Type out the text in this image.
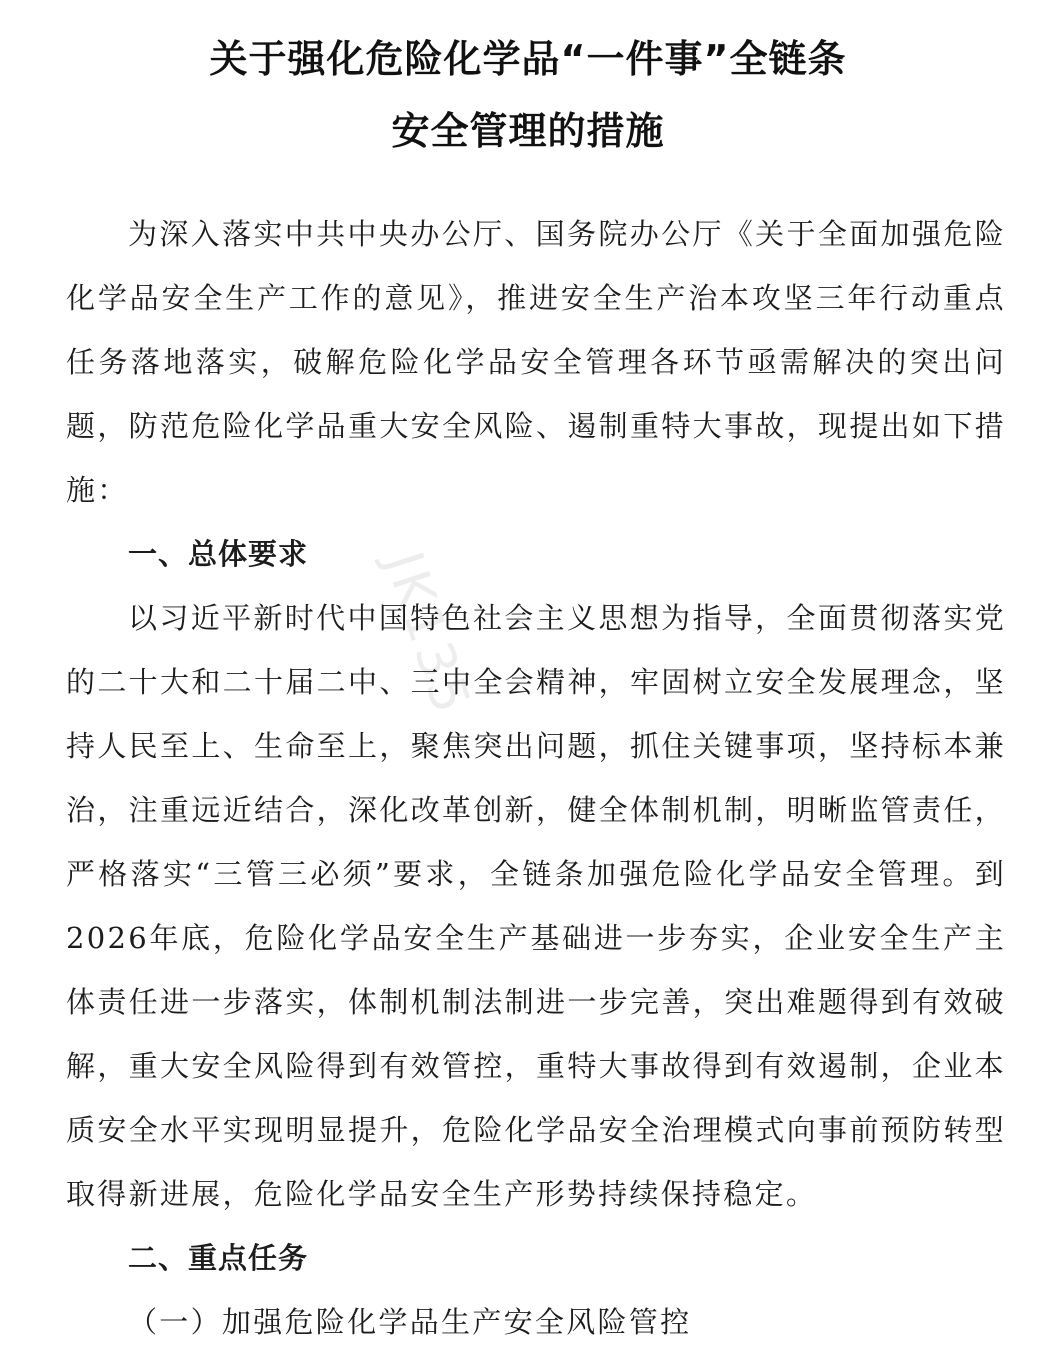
关于强化危险化学品“一件事”全链条
安全管理的措施

为深入落实中共中央办公厅、国务院办公厅《关于全面加强危险化学品安全生产工作的意见》，推进安全生产治本攻坚三年行动重点任务落地落实，破解危险化学品安全管理各环节亟需解决的突出问题，防范危险化学品重大安全风险、遏制重特大事故，现提出如下措施：

一、总体要求

以习近平新时代中国特色社会主义思想为指导，全面贯彻落实党的二十大和二十届二中、三中全会精神，牢固树立安全发展理念，坚持人民至上、生命至上，聚焦突出问题，抓住关键事项，坚持标本兼治，注重远近结合，深化改革创新，健全体制机制，明晰监管责任，严格落实“三管三必须”要求，全链条加强危险化学品安全管理。到2026年底，危险化学品安全生产基础进一步夯实，企业安全生产主体责任进一步落实，体制机制法制进一步完善，突出难题得到有效破解，重大安全风险得到有效管控，重特大事故得到有效遏制，企业本质安全水平实现明显提升，危险化学品安全治理模式向事前预防转型取得新进展，危险化学品安全生产形势持续保持稳定。

二、重点任务

（一）加强危险化学品生产安全风险管控

JK135
